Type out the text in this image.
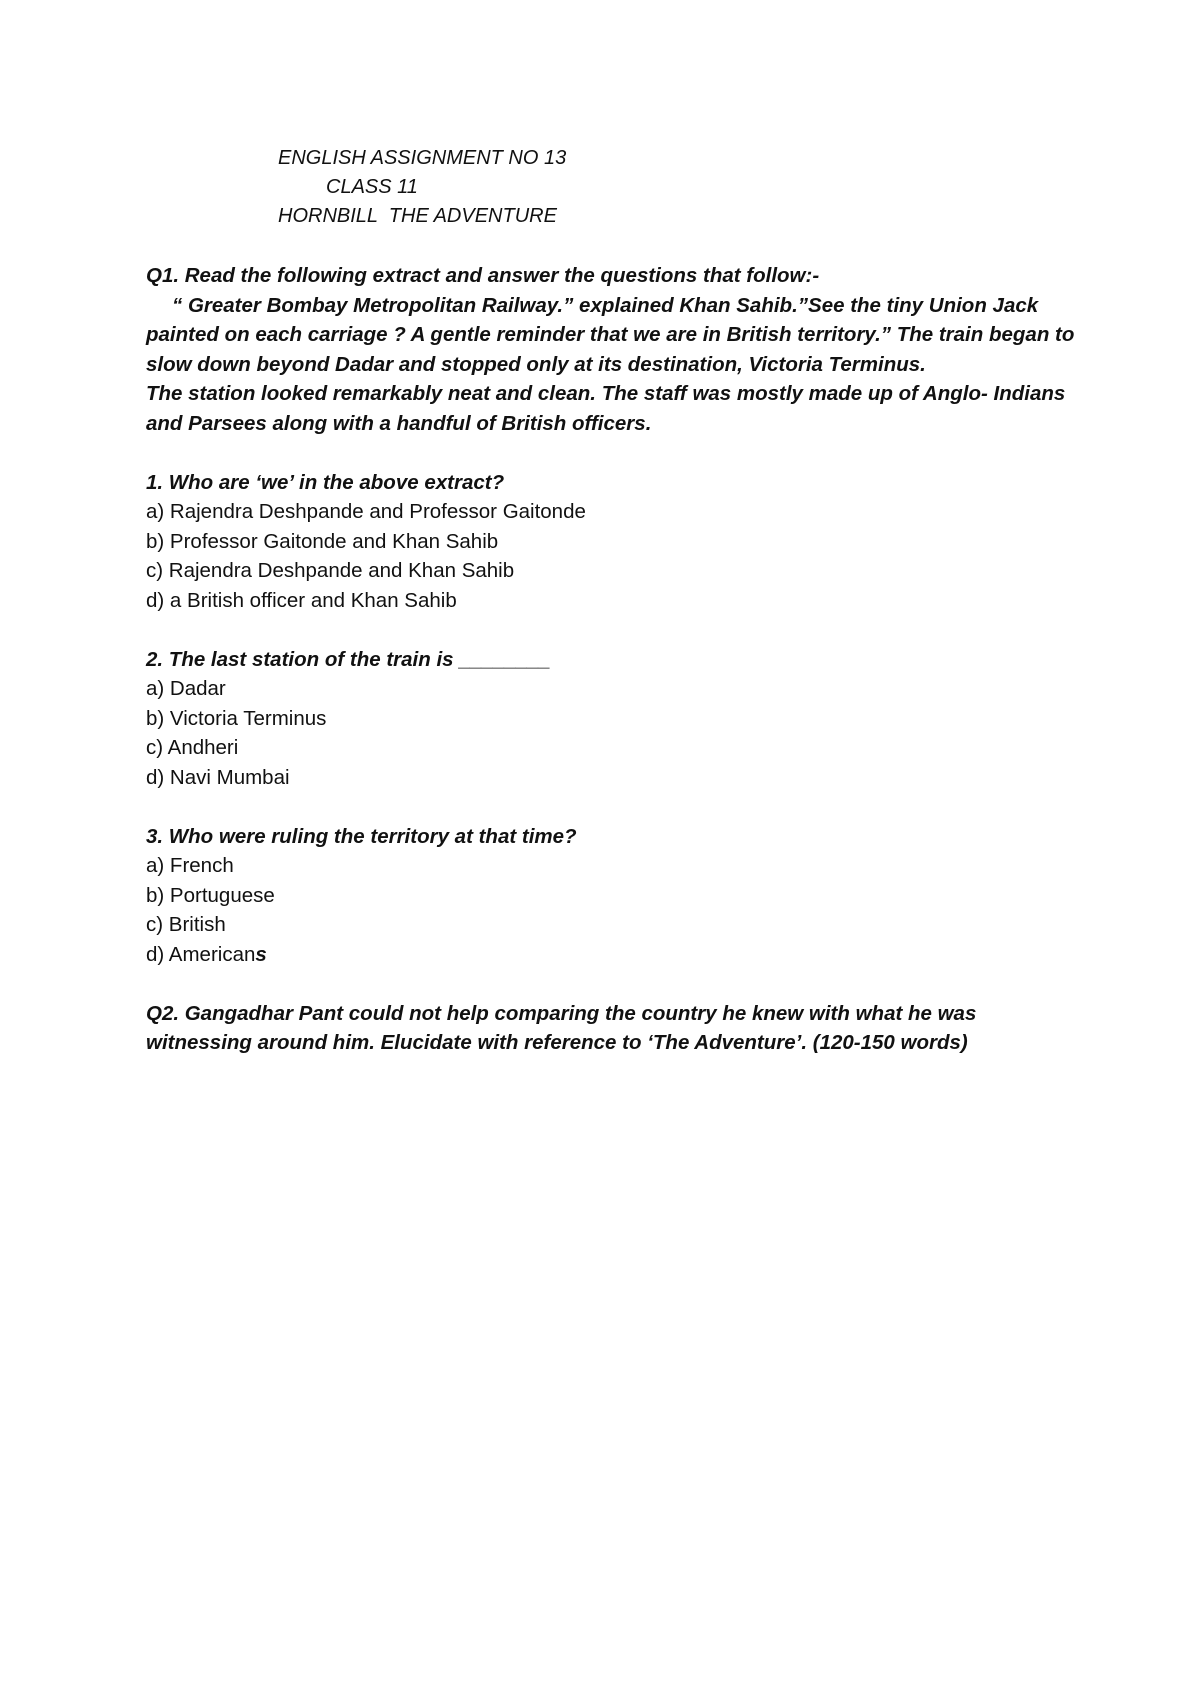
ENGLISH ASSIGNMENT NO 13
CLASS 11
HORNBILL  THE ADVENTURE

Q1. Read the following extract and answer the questions that follow:-

“ Greater Bombay Metropolitan Railway.” explained Khan Sahib.”See the tiny Union Jack painted on each carriage ? A gentle reminder that we are in British territory.” The train began to slow down beyond Dadar and stopped only at its destination, Victoria Terminus.

The station looked remarkably neat and clean. The staff was mostly made up of Anglo- Indians and Parsees along with a handful of British officers.

1. Who are ‘we’ in the above extract?
a) Rajendra Deshpande and Professor Gaitonde
b) Professor Gaitonde and Khan Sahib
c) Rajendra Deshpande and Khan Sahib
d) a British officer and Khan Sahib
2. The last station of the train is ________
a) Dadar
b) Victoria Terminus
c) Andheri
d) Navi Mumbai
3. Who were ruling the territory at that time?
a) French
b) Portuguese
c) British
d) Americans

Q2. Gangadhar Pant could not help comparing the country he knew with what he was witnessing around him. Elucidate with reference to ‘The Adventure’. (120-150 words)
